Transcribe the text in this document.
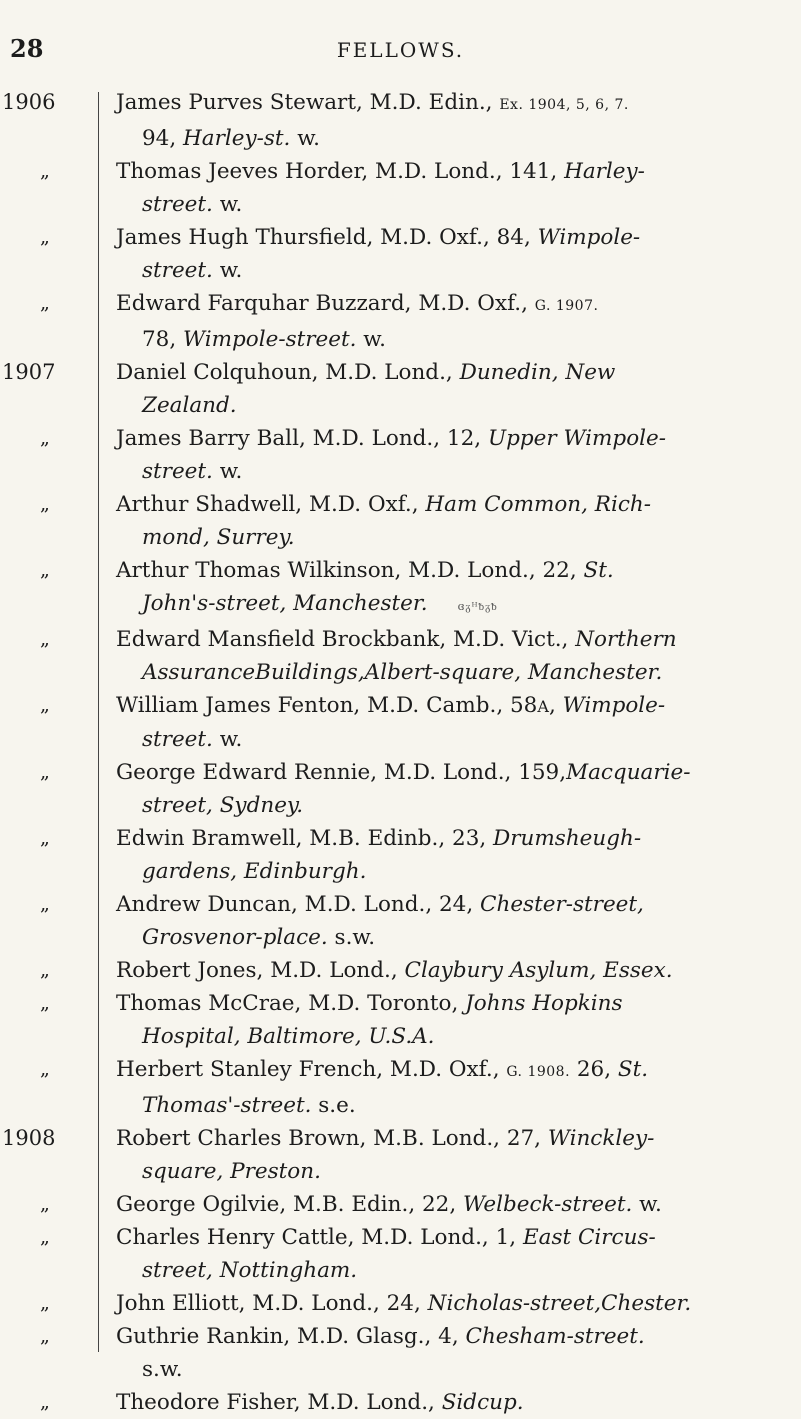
28	FELLOWS.
1906	James Purves Stewart, M.D. Edin., Ex. 1904, 5, 6, 7.
94, Harley-st. w.
„	Thomas Jeeves Horder, M.D. Lond., 141, Harley-
street. w.
„	James Hugh Thursfield, M.D. Oxf., 84, Wimpole-
street. w.
„	Edward Farquhar Buzzard, M.D. Oxf., G. 1907.
78, Wimpole-street. w.
1907	Daniel Colquhoun, M.D. Lond., Dunedin, New
Zealand.
„	James Barry Ball, M.D. Lond., 12, Upper Wimpole-
street. w.
„	Arthur Shadwell, M.D. Oxf., Ham Common, Rich-
mond, Surrey.
„	Arthur Thomas Wilkinson, M.D. Lond., 22, St.
John's-street, Manchester.	ɞᵹᵸᵬᵹᵬ
„	Edward Mansfield Brockbank, M.D. Vict., Northern
AssuranceBuildings,Albert-square, Manchester.
„	William James Fenton, M.D. Camb., 58A, Wimpole-
street. w.
„	George Edward Rennie, M.D. Lond., 159,Macquarie-
street, Sydney.
„	Edwin Bramwell, M.B. Edinb., 23, Drumsheugh-
gardens, Edinburgh.
„	Andrew Duncan, M.D. Lond., 24, Chester-street,
Grosvenor-place. s.w.
„	Robert Jones, M.D. Lond., Claybury Asylum, Essex.
„	Thomas McCrae, M.D. Toronto, Johns Hopkins
Hospital, Baltimore, U.S.A.
„	Herbert Stanley French, M.D. Oxf., G. 1908. 26, St.
Thomas'-street. s.e.
1908	Robert Charles Brown, M.B. Lond., 27, Winckley-
square, Preston.
„	George Ogilvie, M.B. Edin., 22, Welbeck-street. w.
„	Charles Henry Cattle, M.D. Lond., 1, East Circus-
street, Nottingham.
„	John Elliott, M.D. Lond., 24, Nicholas-street,Chester.
„	Guthrie Rankin, M.D. Glasg., 4, Chesham-street.
s.w.
„	Theodore Fisher, M.D. Lond., Sidcup.
